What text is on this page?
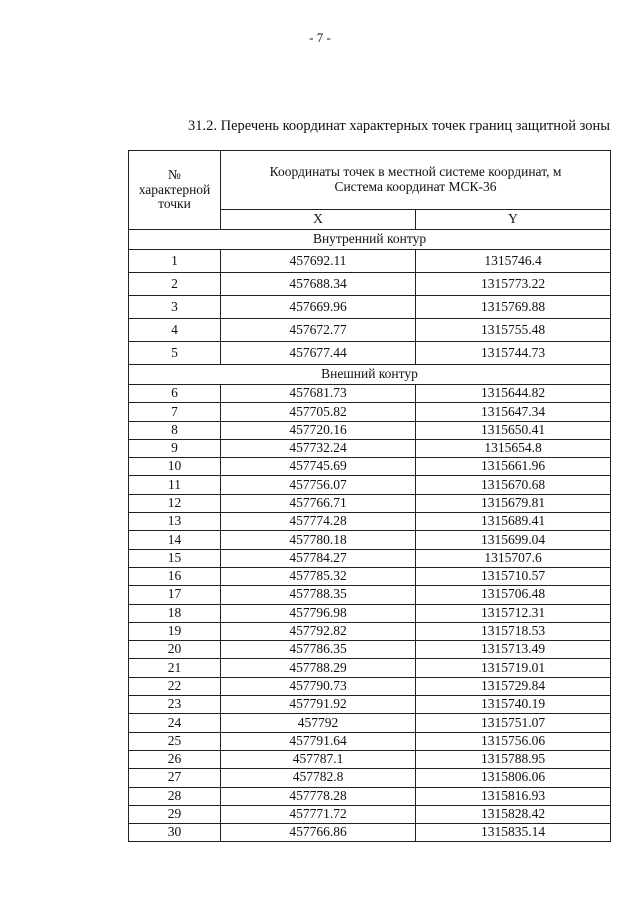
- 7 -
31.2. Перечень координат характерных точек границ защитной зоны
№
характерной
точки	Координаты точек в местной системе координат, м
Система координат МСК-36	

	X	Y
Внутренний контур		
1	457692.11	1315746.4
2	457688.34	1315773.22
3	457669.96	1315769.88
4	457672.77	1315755.48
5	457677.44	1315744.73
Внешний контур		
6	457681.73	1315644.82
7	457705.82	1315647.34
8	457720.16	1315650.41
9	457732.24	1315654.8
10	457745.69	1315661.96
11	457756.07	1315670.68
12	457766.71	1315679.81
13	457774.28	1315689.41
14	457780.18	1315699.04
15	457784.27	1315707.6
16	457785.32	1315710.57
17	457788.35	1315706.48
18	457796.98	1315712.31
19	457792.82	1315718.53
20	457786.35	1315713.49
21	457788.29	1315719.01
22	457790.73	1315729.84
23	457791.92	1315740.19
24	457792	1315751.07
25	457791.64	1315756.06
26	457787.1	1315788.95
27	457782.8	1315806.06
28	457778.28	1315816.93
29	457771.72	1315828.42
30	457766.86	1315835.14
